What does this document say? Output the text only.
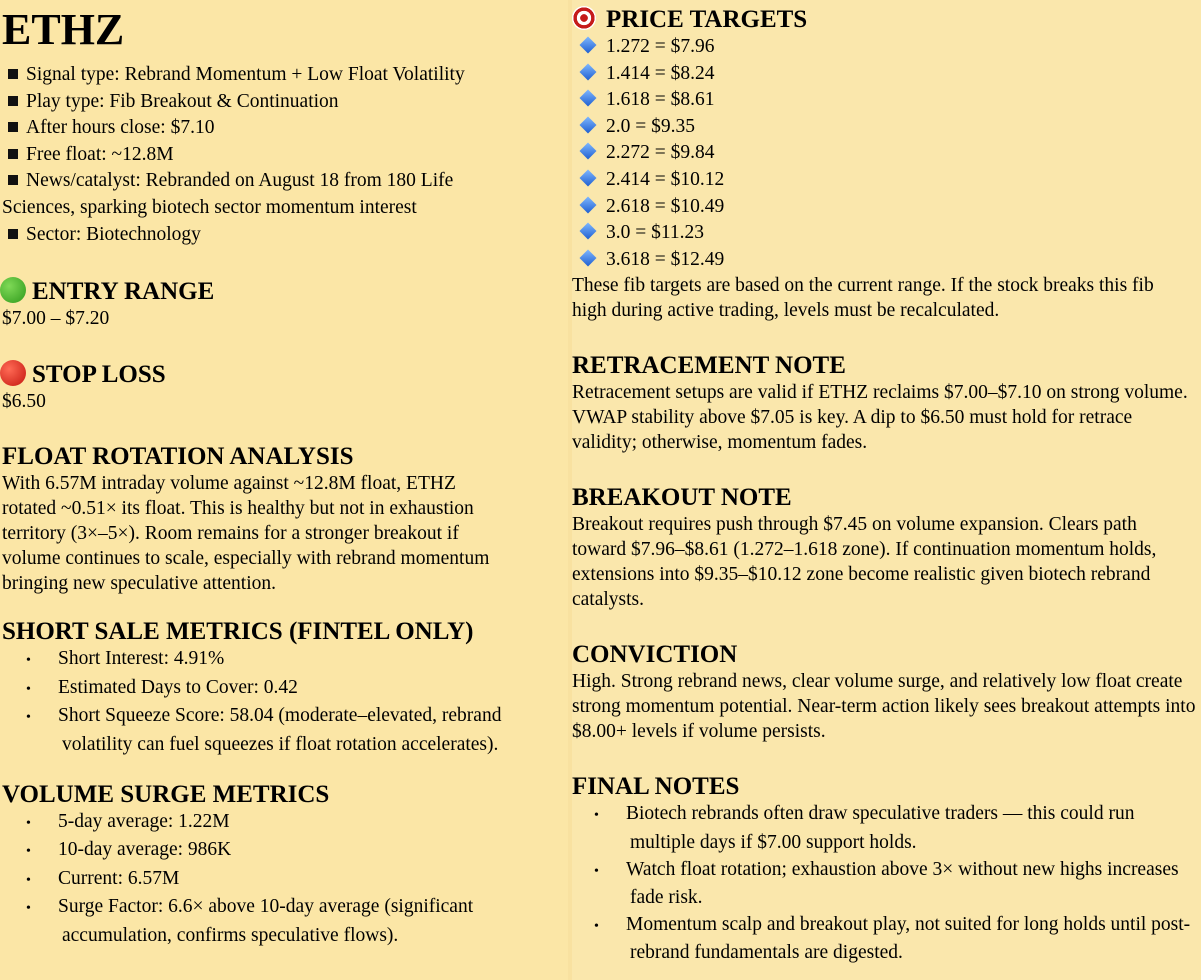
ETHZ
Signal type: Rebrand Momentum + Low Float Volatility
Play type: Fib Breakout & Continuation
After hours close: $7.10
Free float: ~12.8M
News/catalyst: Rebranded on August 18 from 180 Life
Sciences, sparking biotech sector momentum interest
Sector: Biotechnology
ENTRY RANGE
$7.00 – $7.20
STOP LOSS
$6.50
FLOAT ROTATION ANALYSIS
With 6.57M intraday volume against ~12.8M float, ETHZ
rotated ~0.51× its float. This is healthy but not in exhaustion
territory (3×–5×). Room remains for a stronger breakout if
volume continues to scale, especially with rebrand momentum
bringing new speculative attention.
SHORT SALE METRICS (FINTEL ONLY)
• Short Interest: 4.91%
• Estimated Days to Cover: 0.42
• Short Squeeze Score: 58.04 (moderate–elevated, rebrand volatility can fuel squeezes if float rotation accelerates).
VOLUME SURGE METRICS
• 5-day average: 1.22M
• 10-day average: 986K
• Current: 6.57M
• Surge Factor: 6.6× above 10-day average (significant accumulation, confirms speculative flows).
PRICE TARGETS
1.272 = $7.96
1.414 = $8.24
1.618 = $8.61
2.0 = $9.35
2.272 = $9.84
2.414 = $10.12
2.618 = $10.49
3.0 = $11.23
3.618 = $12.49
These fib targets are based on the current range. If the stock breaks this fib high during active trading, levels must be recalculated.
RETRACEMENT NOTE
Retracement setups are valid if ETHZ reclaims $7.00–$7.10 on strong volume. VWAP stability above $7.05 is key. A dip to $6.50 must hold for retrace validity; otherwise, momentum fades.
BREAKOUT NOTE
Breakout requires push through $7.45 on volume expansion. Clears path toward $7.96–$8.61 (1.272–1.618 zone). If continuation momentum holds, extensions into $9.35–$10.12 zone become realistic given biotech rebrand catalysts.
CONVICTION
High. Strong rebrand news, clear volume surge, and relatively low float create strong momentum potential. Near-term action likely sees breakout attempts into $8.00+ levels if volume persists.
FINAL NOTES
• Biotech rebrands often draw speculative traders — this could run multiple days if $7.00 support holds.
• Watch float rotation; exhaustion above 3× without new highs increases fade risk.
• Momentum scalp and breakout play, not suited for long holds until post-rebrand fundamentals are digested.
